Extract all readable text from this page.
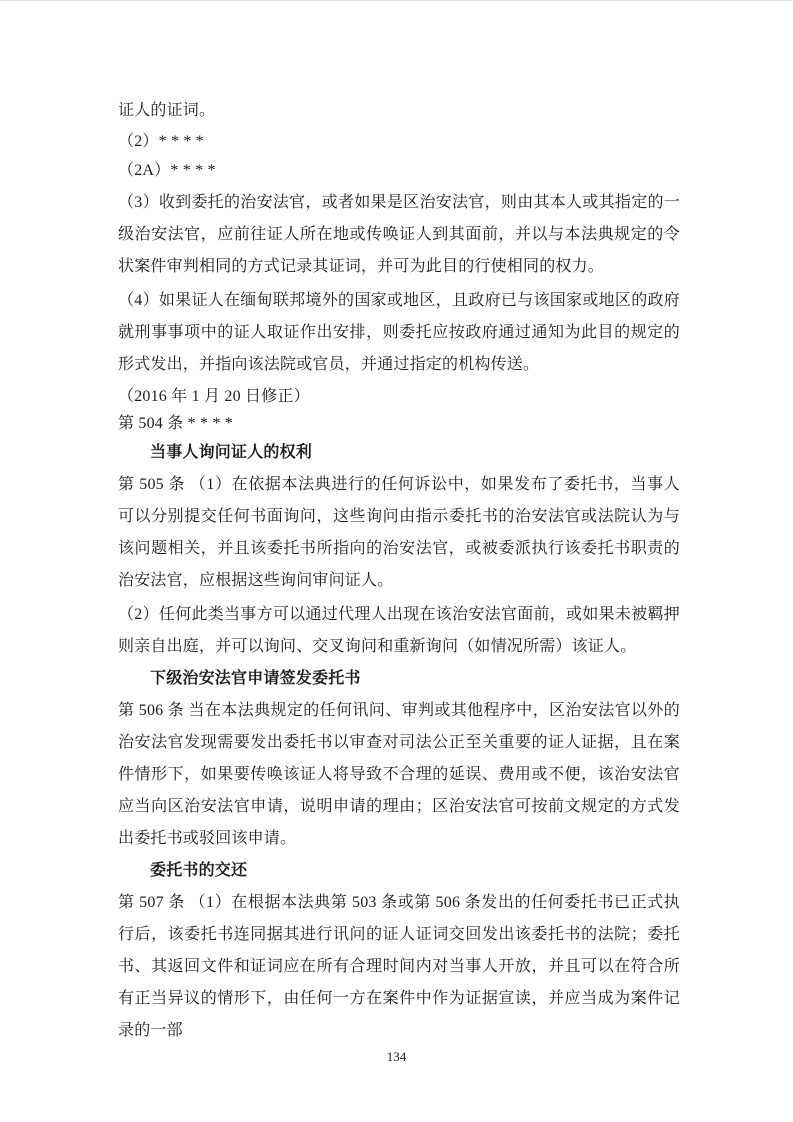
证人的证词。

（2）* * * *

（2A）* * * *

（3）收到委托的治安法官，或者如果是区治安法官，则由其本人或其指定的一级治安法官，应前往证人所在地或传唤证人到其面前，并以与本法典规定的令状案件审判相同的方式记录其证词，并可为此目的行使相同的权力。

（4）如果证人在缅甸联邦境外的国家或地区，且政府已与该国家或地区的政府就刑事事项中的证人取证作出安排，则委托应按政府通过通知为此目的规定的形式发出，并指向该法院或官员，并通过指定的机构传送。

（2016 年 1 月 20 日修正）

第 504 条 * * * *

当事人询问证人的权利

第 505 条 （1）在依据本法典进行的任何诉讼中，如果发布了委托书，当事人可以分别提交任何书面询问，这些询问由指示委托书的治安法官或法院认为与该问题相关，并且该委托书所指向的治安法官，或被委派执行该委托书职责的治安法官，应根据这些询问审问证人。

（2）任何此类当事方可以通过代理人出现在该治安法官面前，或如果未被羁押则亲自出庭，并可以询问、交叉询问和重新询问（如情况所需）该证人。

下级治安法官申请签发委托书

第 506 条 当在本法典规定的任何讯问、审判或其他程序中，区治安法官以外的治安法官发现需要发出委托书以审查对司法公正至关重要的证人证据，且在案件情形下，如果要传唤该证人将导致不合理的延误、费用或不便，该治安法官应当向区治安法官申请，说明申请的理由；区治安法官可按前文规定的方式发出委托书或驳回该申请。

委托书的交还

第 507 条 （1）在根据本法典第 503 条或第 506 条发出的任何委托书已正式执行后，该委托书连同据其进行讯问的证人证词交回发出该委托书的法院；委托书、其返回文件和证词应在所有合理时间内对当事人开放，并且可以在符合所有正当异议的情形下，由任何一方在案件中作为证据宣读，并应当成为案件记录的一部

134
